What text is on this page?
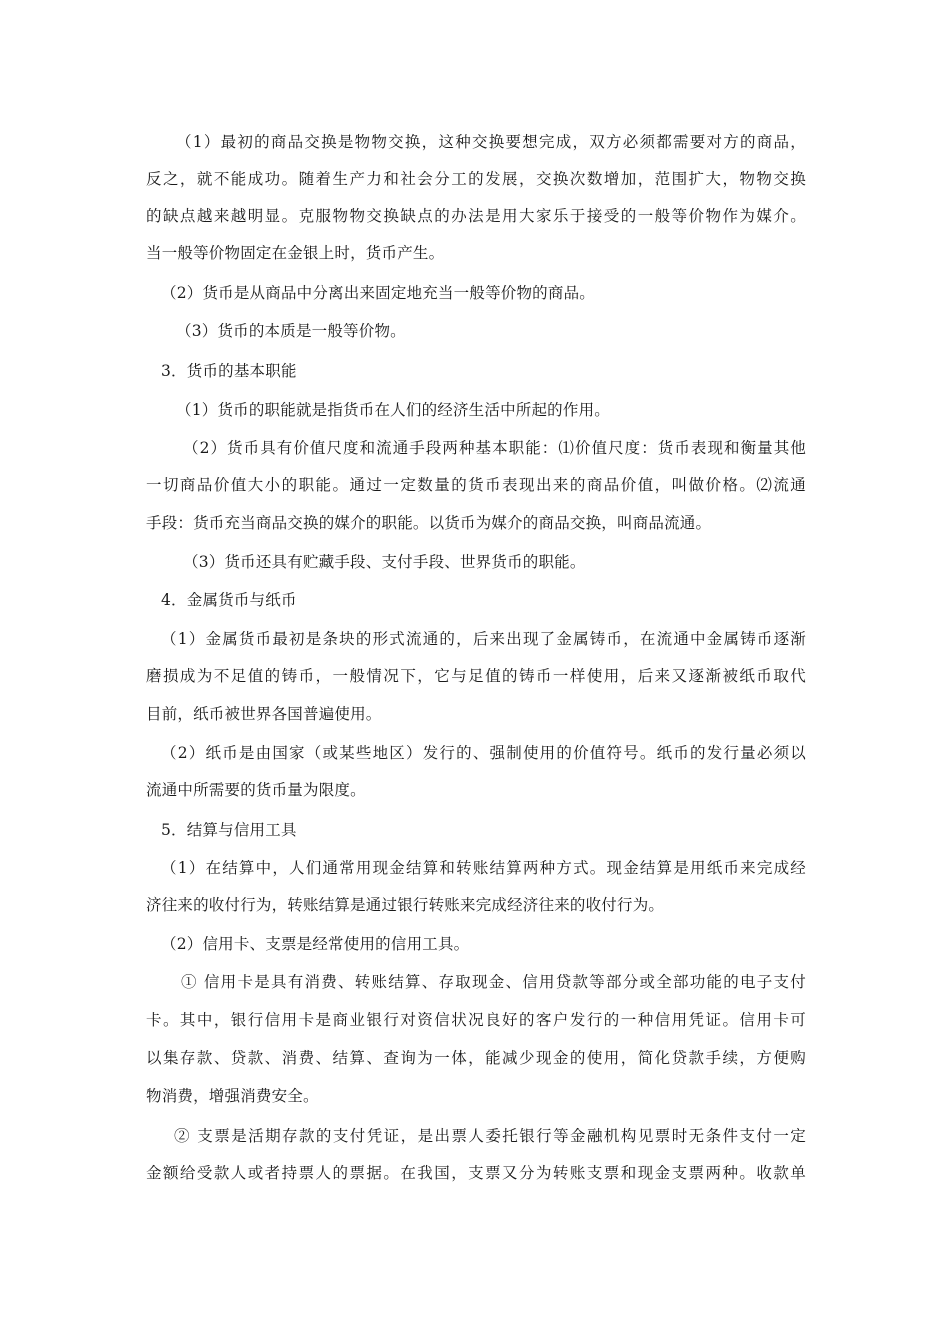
（1）最初的商品交换是物物交换，这种交换要想完成，双方必须都需要对方的商品，
反之，就不能成功。随着生产力和社会分工的发展，交换次数增加，范围扩大，物物交换
的缺点越来越明显。克服物物交换缺点的办法是用大家乐于接受的一般等价物作为媒介。
当一般等价物固定在金银上时，货币产生。
（2）货币是从商品中分离出来固定地充当一般等价物的商品。
（3）货币的本质是一般等价物。
3．货币的基本职能
（1）货币的职能就是指货币在人们的经济生活中所起的作用。
（2）货币具有价值尺度和流通手段两种基本职能：⑴价值尺度：货币表现和衡量其他
一切商品价值大小的职能。通过一定数量的货币表现出来的商品价值，叫做价格。⑵流通
手段：货币充当商品交换的媒介的职能。以货币为媒介的商品交换，叫商品流通。
（3）货币还具有贮藏手段、支付手段、世界货币的职能。
4．金属货币与纸币
（1）金属货币最初是条块的形式流通的，后来出现了金属铸币，在流通中金属铸币逐渐
磨损成为不足值的铸币，一般情况下，它与足值的铸币一样使用，后来又逐渐被纸币取代
目前，纸币被世界各国普遍使用。
（2）纸币是由国家（或某些地区）发行的、强制使用的价值符号。纸币的发行量必须以
流通中所需要的货币量为限度。
5．结算与信用工具
（1）在结算中，人们通常用现金结算和转账结算两种方式。现金结算是用纸币来完成经
济往来的收付行为，转账结算是通过银行转账来完成经济往来的收付行为。
（2）信用卡、支票是经常使用的信用工具。
① 信用卡是具有消费、转账结算、存取现金、信用贷款等部分或全部功能的电子支付
卡。其中，银行信用卡是商业银行对资信状况良好的客户发行的一种信用凭证。信用卡可
以集存款、贷款、消费、结算、查询为一体，能减少现金的使用，简化贷款手续，方便购
物消费，增强消费安全。
② 支票是活期存款的支付凭证，是出票人委托银行等金融机构见票时无条件支付一定
金额给受款人或者持票人的票据。在我国，支票又分为转账支票和现金支票两种。收款单
